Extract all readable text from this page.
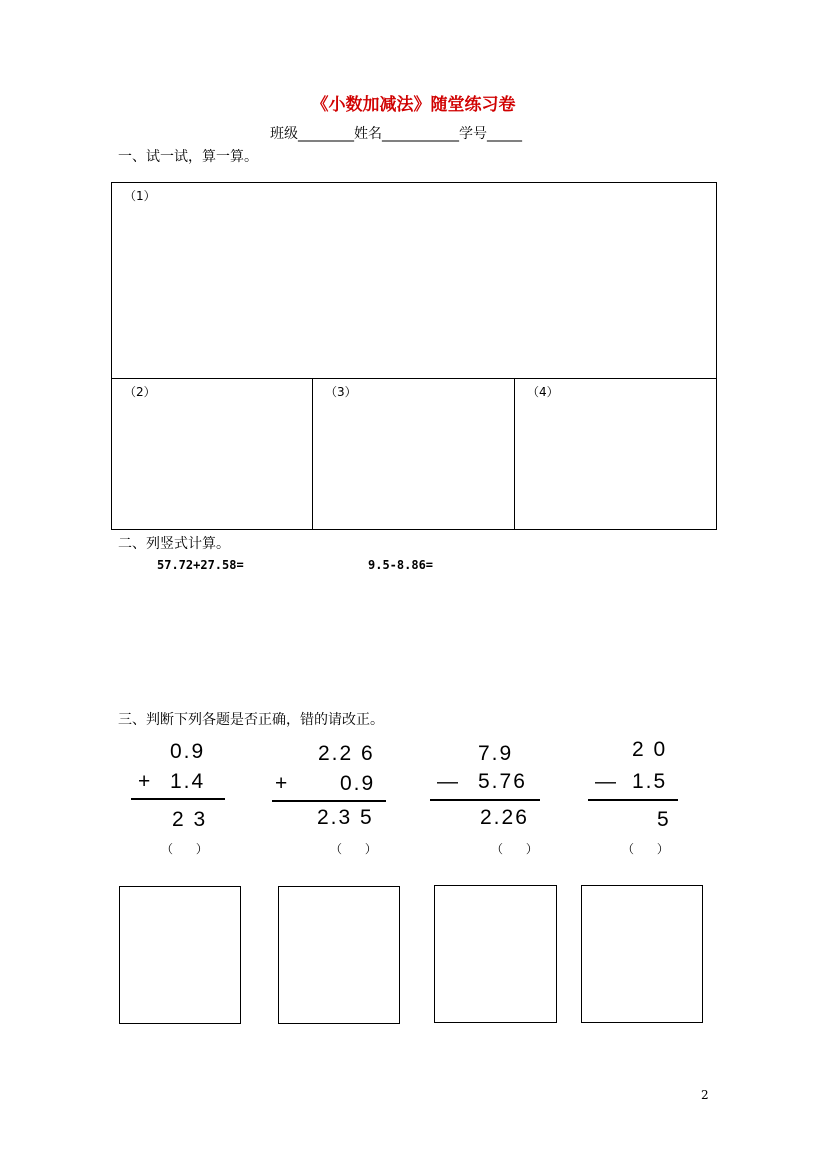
《小数加减法》随堂练习卷
班级________姓名___________学号_____
一、试一试，算一算。
（1）
（2）	（3）	（4）
二、列竖式计算。
57.72+27.58=	9.5-8.86=
三、判断下列各题是否正确，错的请改正。
0.9
+ 1.4
2 3
（      ）
2.2 6
+ 0.9
2.3 5
（      ）
7.9
— 5.76
2.26
（      ）
2 0
— 1.5
5
（      ）
2
